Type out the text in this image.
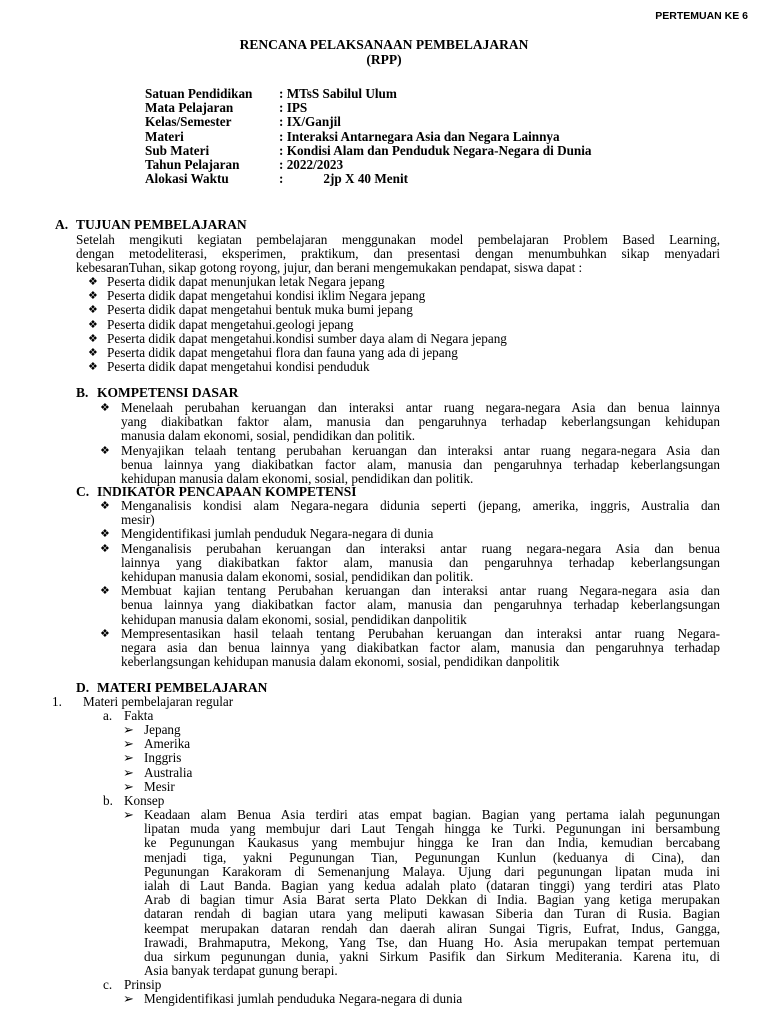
PERTEMUAN KE 6
RENCANA PELAKSANAAN PEMBELAJARAN
(RPP)
Satuan Pendidikan	: MTsS Sabilul Ulum
Mata Pelajaran	: IPS
Kelas/Semester	: IX/Ganjil
Materi	: Interaksi Antarnegara Asia dan Negara Lainnya
Sub Materi	: Kondisi Alam dan Penduduk Negara-Negara di Dunia
Tahun Pelajaran	: 2022/2023
Alokasi Waktu	:	2jp X 40 Menit
A. TUJUAN PEMBELAJARAN
Setelah mengikuti kegiatan pembelajaran menggunakan model pembelajaran Problem Based Learning,
dengan metodeliterasi, eksperimen, praktikum, dan presentasi dengan menumbuhkan sikap menyadari
kebesaranTuhan, sikap gotong royong, jujur, dan berani mengemukakan pendapat, siswa dapat :
❖ Peserta didik dapat menunjukan letak Negara jepang
❖ Peserta didik dapat mengetahui kondisi iklim Negara jepang
❖ Peserta didik dapat mengetahui bentuk muka bumi jepang
❖ Peserta didik dapat mengetahui.geologi jepang
❖ Peserta didik dapat mengetahui.kondisi sumber daya alam di Negara jepang
❖ Peserta didik dapat mengetahui flora dan fauna yang ada di jepang
❖ Peserta didik dapat mengetahui kondisi penduduk
B. KOMPETENSI DASAR
❖ Menelaah perubahan keruangan dan interaksi antar ruang negara-negara Asia dan benua lainnya
yang diakibatkan faktor alam, manusia dan pengaruhnya terhadap keberlangsungan kehidupan
manusia dalam ekonomi, sosial, pendidikan dan politik.
❖ Menyajikan telaah tentang perubahan keruangan dan interaksi antar ruang negara-negara Asia dan
benua lainnya yang diakibatkan factor alam, manusia dan pengaruhnya terhadap keberlangsungan
kehidupan manusia dalam ekonomi, sosial, pendidikan dan politik.
C. INDIKATOR PENCAPAAN KOMPETENSI
❖ Menganalisis kondisi alam Negara-negara didunia seperti (jepang, amerika, inggris, Australia dan
mesir)
❖ Mengidentifikasi jumlah penduduk Negara-negara di dunia
❖ Menganalisis perubahan keruangan dan interaksi antar ruang negara-negara Asia dan benua
lainnya yang diakibatkan faktor alam, manusia dan pengaruhnya terhadap keberlangsungan
kehidupan manusia dalam ekonomi, sosial, pendidikan dan politik.
❖ Membuat kajian tentang Perubahan keruangan dan interaksi antar ruang Negara-negara asia dan
benua lainnya yang diakibatkan factor alam, manusia dan pengaruhnya terhadap keberlangsungan
kehidupan manusia dalam ekonomi, sosial, pendidikan danpolitik
❖ Mempresentasikan hasil telaah tentang Perubahan keruangan dan interaksi antar ruang Negara-
negara asia dan benua lainnya yang diakibatkan factor alam, manusia dan pengaruhnya terhadap
keberlangsungan kehidupan manusia dalam ekonomi, sosial, pendidikan danpolitik
D. MATERI PEMBELAJARAN
1. Materi pembelajaran regular
a. Fakta
➢ Jepang
➢ Amerika
➢ Inggris
➢ Australia
➢ Mesir
b. Konsep
➢ Keadaan alam Benua Asia terdiri atas empat bagian. Bagian yang pertama ialah pegunungan
lipatan muda yang membujur dari Laut Tengah hingga ke Turki. Pegunungan ini bersambung
ke Pegunungan Kaukasus yang membujur hingga ke Iran dan India, kemudian bercabang
menjadi tiga, yakni Pegunungan Tian, Pegunungan Kunlun (keduanya di Cina), dan
Pegunungan Karakoram di Semenanjung Malaya. Ujung dari pegunungan lipatan muda ini
ialah di Laut Banda. Bagian yang kedua adalah plato (dataran tinggi) yang terdiri atas Plato
Arab di bagian timur Asia Barat serta Plato Dekkan di India. Bagian yang ketiga merupakan
dataran rendah di bagian utara yang meliputi kawasan Siberia dan Turan di Rusia. Bagian
keempat merupakan dataran rendah dan daerah aliran Sungai Tigris, Eufrat, Indus, Gangga,
Irawadi, Brahmaputra, Mekong, Yang Tse, dan Huang Ho. Asia merupakan tempat pertemuan
dua sirkum pegunungan dunia, yakni Sirkum Pasifik dan Sirkum Mediterania. Karena itu, di
Asia banyak terdapat gunung berapi.
c. Prinsip
➢ Mengidentifikasi jumlah penduduka Negara-negara di dunia
